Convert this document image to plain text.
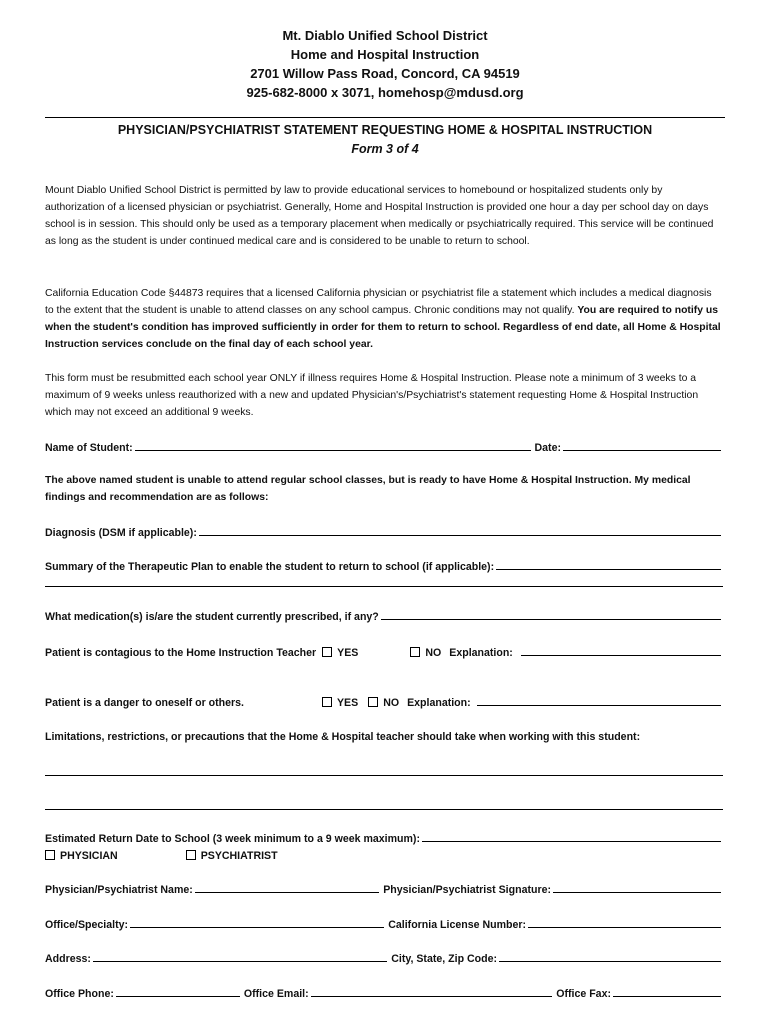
Mt. Diablo Unified School District
Home and Hospital Instruction
2701 Willow Pass Road, Concord, CA 94519
925-682-8000 x 3071, homehosp@mdusd.org
PHYSICIAN/PSYCHIATRIST STATEMENT REQUESTING HOME & HOSPITAL INSTRUCTION
Form 3 of 4
Mount Diablo Unified School District is permitted by law to provide educational services to homebound or hospitalized students only by authorization of a licensed physician or psychiatrist. Generally, Home and Hospital Instruction is provided one hour a day per school day on days school is in session. This should only be used as a temporary placement when medically or psychiatrically required. This service will be continued as long as the student is under continued medical care and is considered to be unable to return to school.
California Education Code §44873 requires that a licensed California physician or psychiatrist file a statement which includes a medical diagnosis to the extent that the student is unable to attend classes on any school campus. Chronic conditions may not qualify. You are required to notify us when the student's condition has improved sufficiently in order for them to return to school. Regardless of end date, all Home & Hospital Instruction services conclude on the final day of each school year.
This form must be resubmitted each school year ONLY if illness requires Home & Hospital Instruction. Please note a minimum of 3 weeks to a maximum of 9 weeks unless reauthorized with a new and updated Physician's/Psychiatrist's statement requesting Home & Hospital Instruction which may not exceed an additional 9 weeks.
Name of Student:	Date:
The above named student is unable to attend regular school classes, but is ready to have Home & Hospital Instruction. My medical findings and recommendation are as follows:
Diagnosis (DSM if applicable):
Summary of the Therapeutic Plan to enable the student to return to school (if applicable):
What medication(s) is/are the student currently prescribed, if any?
Patient is contagious to the Home Instruction Teacher YES	NO Explanation:
Patient is a danger to oneself or others.	YES NO Explanation:
Limitations, restrictions, or precautions that the Home & Hospital teacher should take when working with this student:
Estimated Return Date to School (3 week minimum to a 9 week maximum):
PHYSICIAN	PSYCHIATRIST
Physician/Psychiatrist Name:	Physician/Psychiatrist Signature:
Office/Specialty:	California License Number:
Address:	City, State, Zip Code:
Office Phone:	Office Email:	Office Fax:
